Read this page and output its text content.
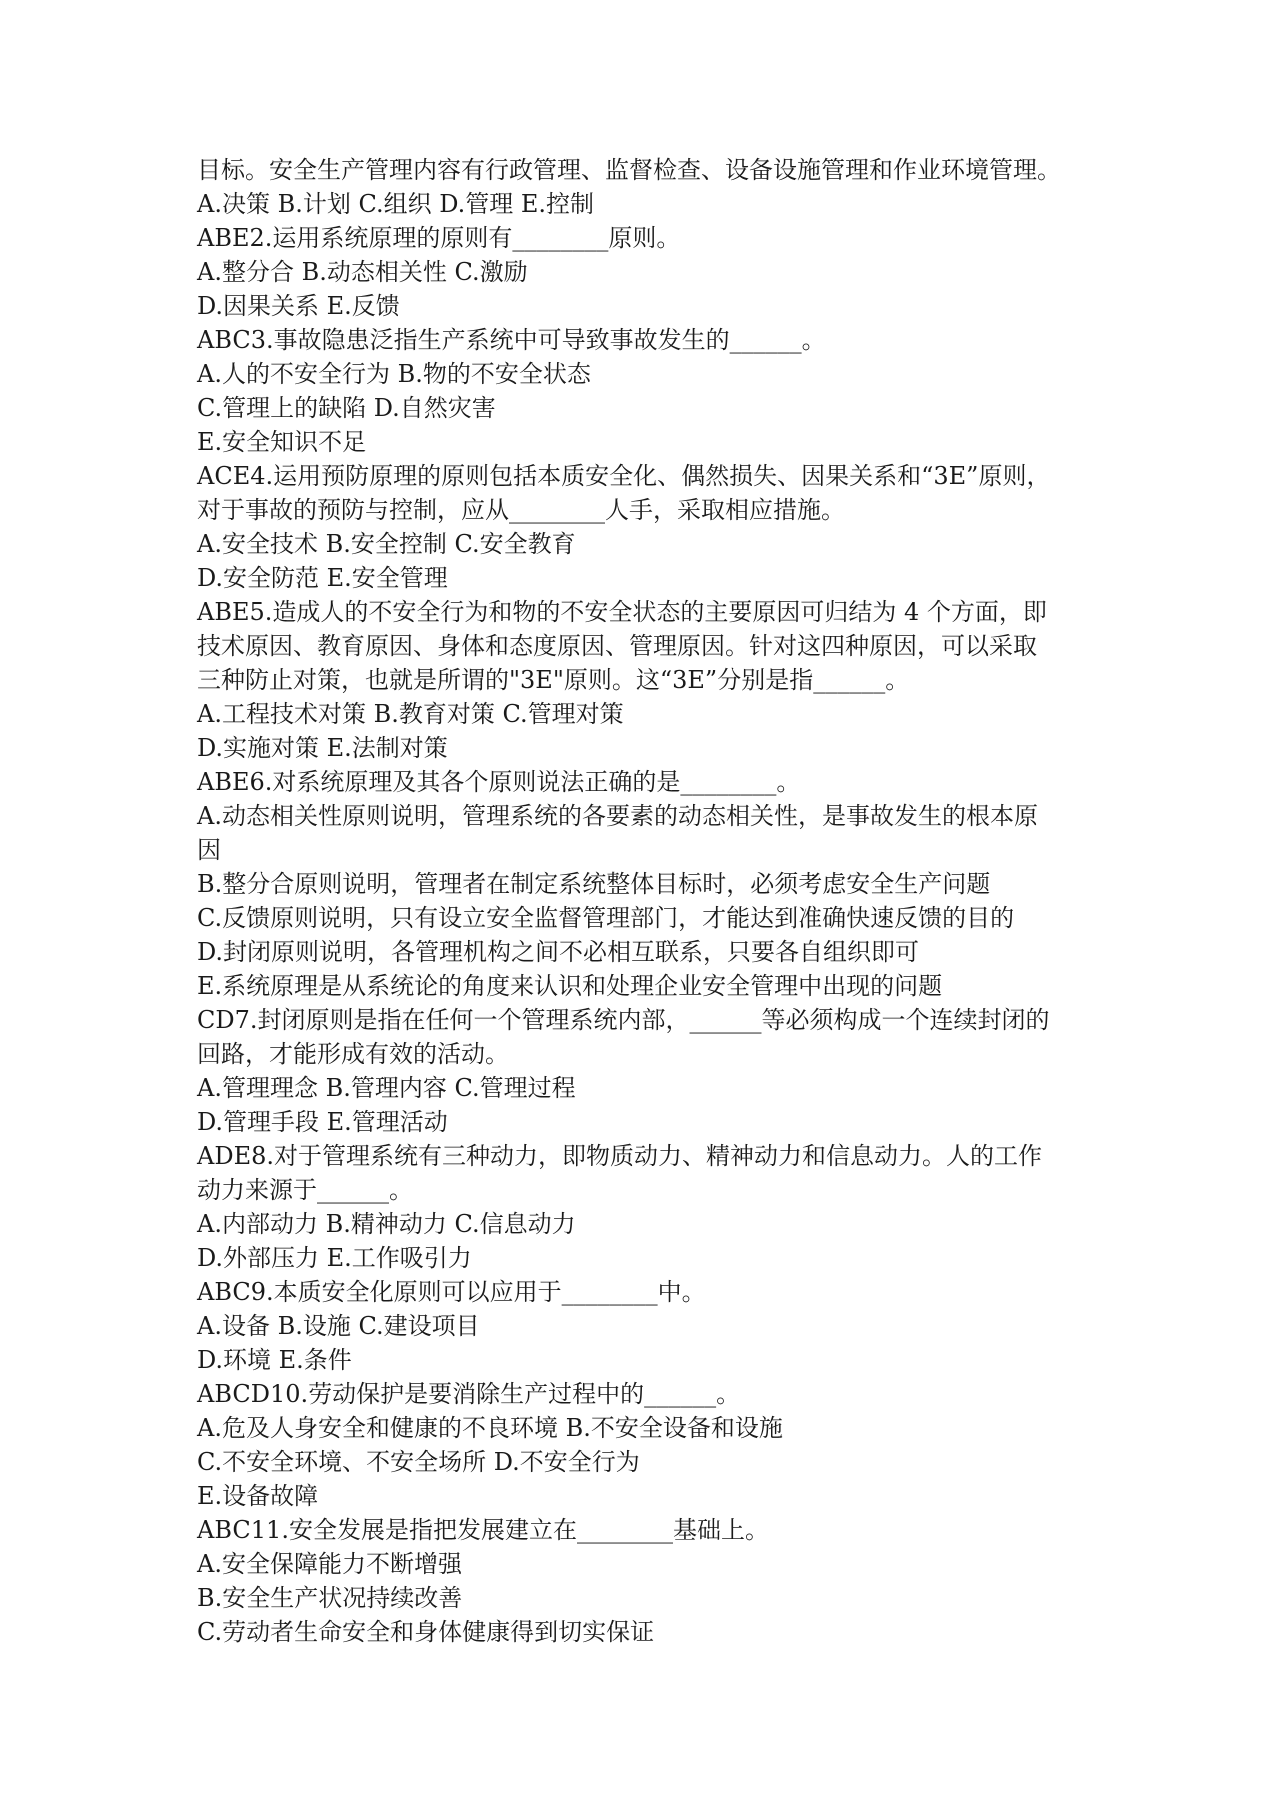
目标。安全生产管理内容有行政管理、监督检查、设备设施管理和作业环境管理。
A.决策 B.计划 C.组织 D.管理 E.控制
ABE2.运用系统原理的原则有________原则。
A.整分合 B.动态相关性 C.激励
D.因果关系 E.反馈
ABC3.事故隐患泛指生产系统中可导致事故发生的______。
A.人的不安全行为 B.物的不安全状态
C.管理上的缺陷 D.自然灾害
E.安全知识不足
ACE4.运用预防原理的原则包括本质安全化、偶然损失、因果关系和“3E”原则，
对于事故的预防与控制，应从________人手，采取相应措施。
A.安全技术 B.安全控制 C.安全教育
D.安全防范 E.安全管理
ABE5.造成人的不安全行为和物的不安全状态的主要原因可归结为 4 个方面，即
技术原因、教育原因、身体和态度原因、管理原因。针对这四种原因，可以采取
三种防止对策，也就是所谓的"3E"原则。这“3E”分别是指______。
A.工程技术对策 B.教育对策 C.管理对策
D.实施对策 E.法制对策
ABE6.对系统原理及其各个原则说法正确的是________。
A.动态相关性原则说明，管理系统的各要素的动态相关性，是事故发生的根本原
因
B.整分合原则说明，管理者在制定系统整体目标时，必须考虑安全生产问题
C.反馈原则说明，只有设立安全监督管理部门，才能达到准确快速反馈的目的
D.封闭原则说明，各管理机构之间不必相互联系，只要各自组织即可
E.系统原理是从系统论的角度来认识和处理企业安全管理中出现的问题
CD7.封闭原则是指在任何一个管理系统内部，______等必须构成一个连续封闭的
回路，才能形成有效的活动。
A.管理理念 B.管理内容 C.管理过程
D.管理手段 E.管理活动
ADE8.对于管理系统有三种动力，即物质动力、精神动力和信息动力。人的工作
动力来源于______。
A.内部动力 B.精神动力 C.信息动力
D.外部压力 E.工作吸引力
ABC9.本质安全化原则可以应用于________中。
A.设备 B.设施 C.建设项目
D.环境 E.条件
ABCD10.劳动保护是要消除生产过程中的______。
A.危及人身安全和健康的不良环境 B.不安全设备和设施
C.不安全环境、不安全场所 D.不安全行为
E.设备故障
ABC11.安全发展是指把发展建立在________基础上。
A.安全保障能力不断增强
B.安全生产状况持续改善
C.劳动者生命安全和身体健康得到切实保证
